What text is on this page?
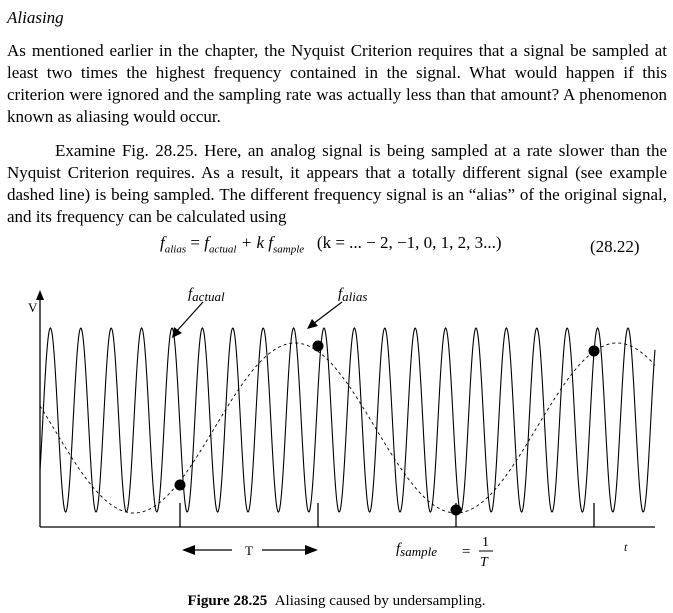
Aliasing
As mentioned earlier in the chapter, the Nyquist Criterion requires that a signal be sampled at least two times the highest frequency contained in the signal. What would happen if this criterion were ignored and the sampling rate was actually less than that amount? A phenomenon known as aliasing would occur.
Examine Fig. 28.25. Here, an analog signal is being sampled at a rate slower than the Nyquist Criterion requires. As a result, it appears that a totally different signal (see example dashed line) is being sampled. The different frequency signal is an “alias” of the original signal, and its frequency can be calculated using
$f_{alias} = f_{actual} + k$ $f_{sample}$ (k = ... − 2, −1, 0, 1, 2, 3...)	(28.22)
V
t
factual	falias
T	fsample =
1
T
Figure 28.25 Aliasing caused by undersampling.
